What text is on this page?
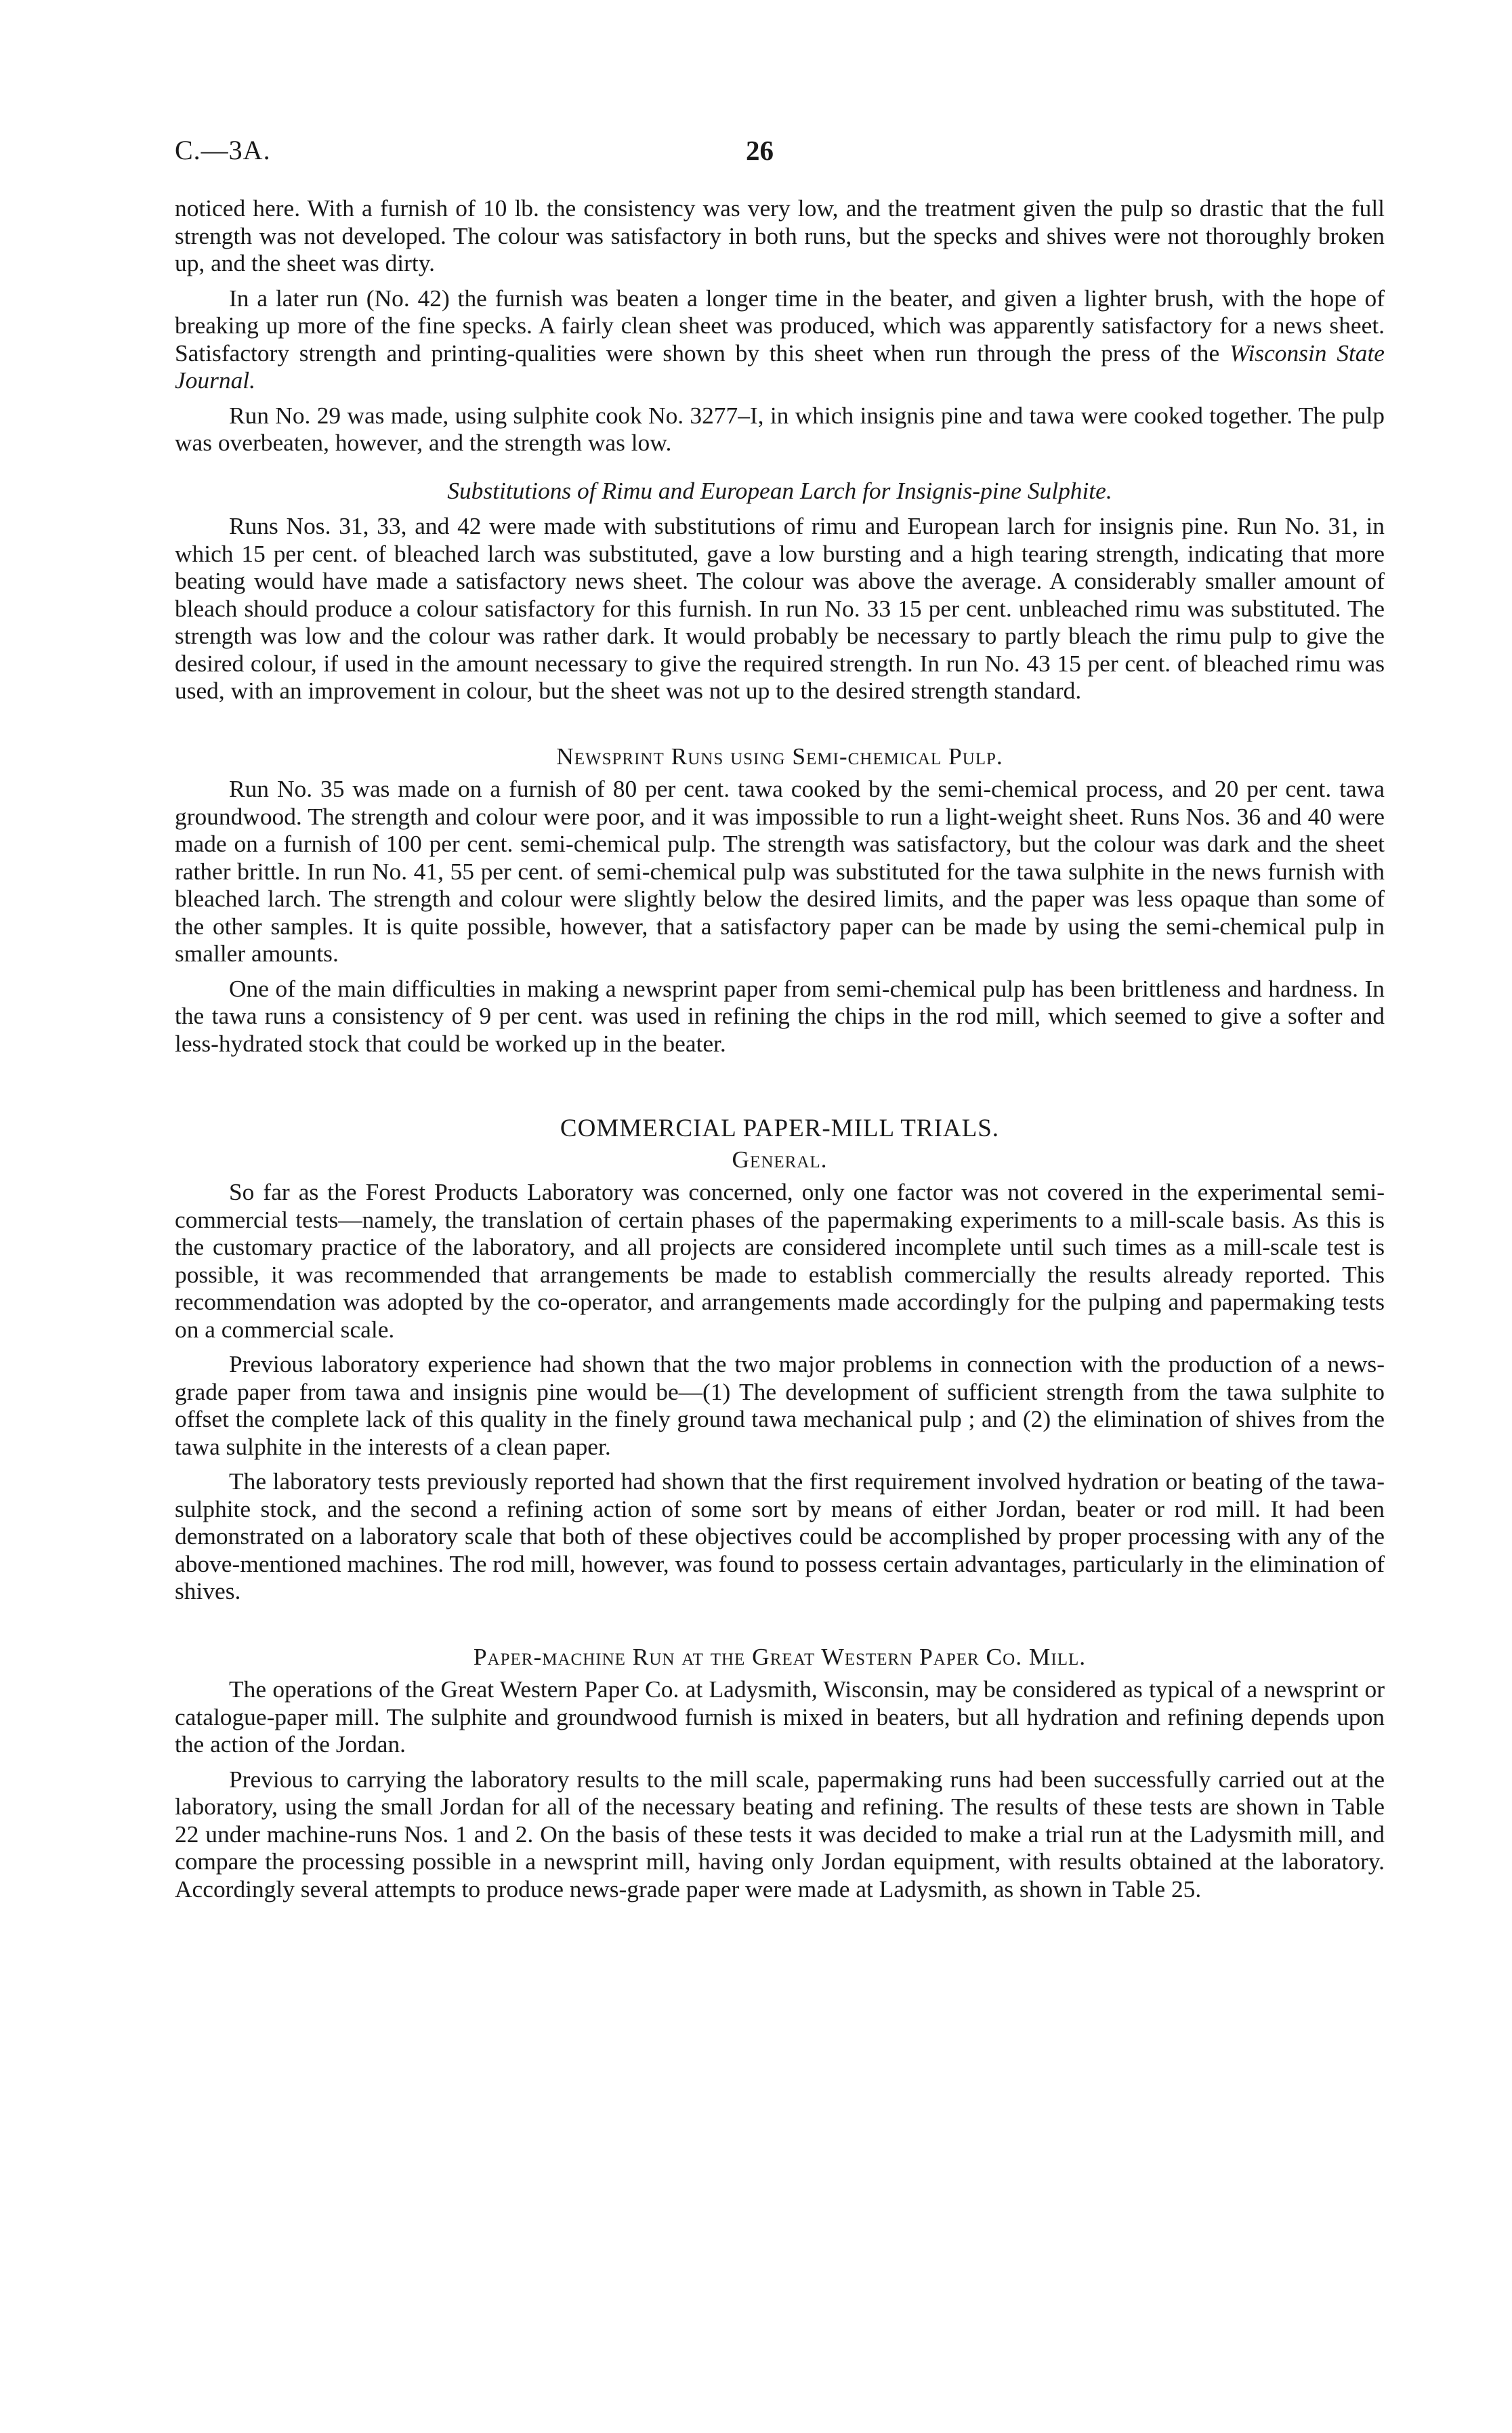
C.—3A.	26

noticed here. With a furnish of 10 lb. the consistency was very low, and the treatment given the pulp so drastic that the full strength was not developed. The colour was satisfactory in both runs, but the specks and shives were not thoroughly broken up, and the sheet was dirty.

In a later run (No. 42) the furnish was beaten a longer time in the beater, and given a lighter brush, with the hope of breaking up more of the fine specks. A fairly clean sheet was produced, which was apparently satisfactory for a news sheet. Satisfactory strength and printing-qualities were shown by this sheet when run through the press of the Wisconsin State Journal.

Run No. 29 was made, using sulphite cook No. 3277–I, in which insignis pine and tawa were cooked together. The pulp was overbeaten, however, and the strength was low.

Substitutions of Rimu and European Larch for Insignis-pine Sulphite.

Runs Nos. 31, 33, and 42 were made with substitutions of rimu and European larch for insignis pine. Run No. 31, in which 15 per cent. of bleached larch was substituted, gave a low bursting and a high tearing strength, indicating that more beating would have made a satisfactory news sheet. The colour was above the average. A considerably smaller amount of bleach should produce a colour satisfactory for this furnish. In run No. 33 15 per cent. unbleached rimu was substituted. The strength was low and the colour was rather dark. It would probably be necessary to partly bleach the rimu pulp to give the desired colour, if used in the amount necessary to give the required strength. In run No. 43 15 per cent. of bleached rimu was used, with an improvement in colour, but the sheet was not up to the desired strength standard.

Newsprint Runs using Semi-chemical Pulp.

Run No. 35 was made on a furnish of 80 per cent. tawa cooked by the semi-chemical process, and 20 per cent. tawa groundwood. The strength and colour were poor, and it was impossible to run a light-weight sheet. Runs Nos. 36 and 40 were made on a furnish of 100 per cent. semi-chemical pulp. The strength was satisfactory, but the colour was dark and the sheet rather brittle. In run No. 41, 55 per cent. of semi-chemical pulp was substituted for the tawa sulphite in the news furnish with bleached larch. The strength and colour were slightly below the desired limits, and the paper was less opaque than some of the other samples. It is quite possible, however, that a satisfactory paper can be made by using the semi-chemical pulp in smaller amounts.

One of the main difficulties in making a newsprint paper from semi-chemical pulp has been brittleness and hardness. In the tawa runs a consistency of 9 per cent. was used in refining the chips in the rod mill, which seemed to give a softer and less-hydrated stock that could be worked up in the beater.

COMMERCIAL PAPER-MILL TRIALS.
General.

So far as the Forest Products Laboratory was concerned, only one factor was not covered in the experimental semi-commercial tests—namely, the translation of certain phases of the papermaking experiments to a mill-scale basis. As this is the customary practice of the laboratory, and all projects are considered incomplete until such times as a mill-scale test is possible, it was recommended that arrangements be made to establish commercially the results already reported. This recommendation was adopted by the co-operator, and arrangements made accordingly for the pulping and papermaking tests on a commercial scale.

Previous laboratory experience had shown that the two major problems in connection with the production of a news-grade paper from tawa and insignis pine would be—(1) The development of sufficient strength from the tawa sulphite to offset the complete lack of this quality in the finely ground tawa mechanical pulp ; and (2) the elimination of shives from the tawa sulphite in the interests of a clean paper.

The laboratory tests previously reported had shown that the first requirement involved hydration or beating of the tawa-sulphite stock, and the second a refining action of some sort by means of either Jordan, beater or rod mill. It had been demonstrated on a laboratory scale that both of these objectives could be accomplished by proper processing with any of the above-mentioned machines. The rod mill, however, was found to possess certain advantages, particularly in the elimination of shives.

Paper-machine Run at the Great Western Paper Co. Mill.

The operations of the Great Western Paper Co. at Ladysmith, Wisconsin, may be considered as typical of a newsprint or catalogue-paper mill. The sulphite and groundwood furnish is mixed in beaters, but all hydration and refining depends upon the action of the Jordan.

Previous to carrying the laboratory results to the mill scale, papermaking runs had been successfully carried out at the laboratory, using the small Jordan for all of the necessary beating and refining. The results of these tests are shown in Table 22 under machine-runs Nos. 1 and 2. On the basis of these tests it was decided to make a trial run at the Ladysmith mill, and compare the processing possible in a newsprint mill, having only Jordan equipment, with results obtained at the laboratory. Accordingly several attempts to produce news-grade paper were made at Ladysmith, as shown in Table 25.
